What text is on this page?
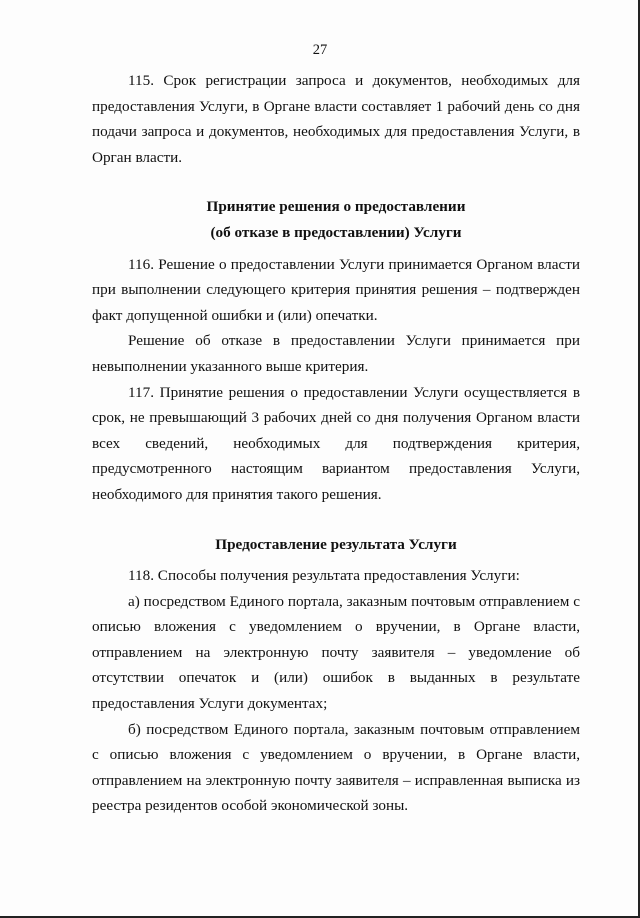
27

115. Срок регистрации запроса и документов, необходимых для предоставления Услуги, в Органе власти составляет 1 рабочий день со дня подачи запроса и документов, необходимых для предоставления Услуги, в Орган власти.

Принятие решения о предоставлении

(об отказе в предоставлении) Услуги

116. Решение о предоставлении Услуги принимается Органом власти при выполнении следующего критерия принятия решения – подтвержден факт допущенной ошибки и (или) опечатки.

Решение об отказе в предоставлении Услуги принимается при невыполнении указанного выше критерия.

117. Принятие решения о предоставлении Услуги осуществляется в срок, не превышающий 3 рабочих дней со дня получения Органом власти всех сведений, необходимых для подтверждения критерия, предусмотренного настоящим вариантом предоставления Услуги, необходимого для принятия такого решения.

Предоставление результата Услуги

118. Способы получения результата предоставления Услуги:

а) посредством Единого портала, заказным почтовым отправлением с описью вложения с уведомлением о вручении, в Органе власти, отправлением на электронную почту заявителя – уведомление об отсутствии опечаток и (или) ошибок в выданных в результате предоставления Услуги документах;

б) посредством Единого портала, заказным почтовым отправлением с описью вложения с уведомлением о вручении, в Органе власти, отправлением на электронную почту заявителя – исправленная выписка из реестра резидентов особой экономической зоны.
